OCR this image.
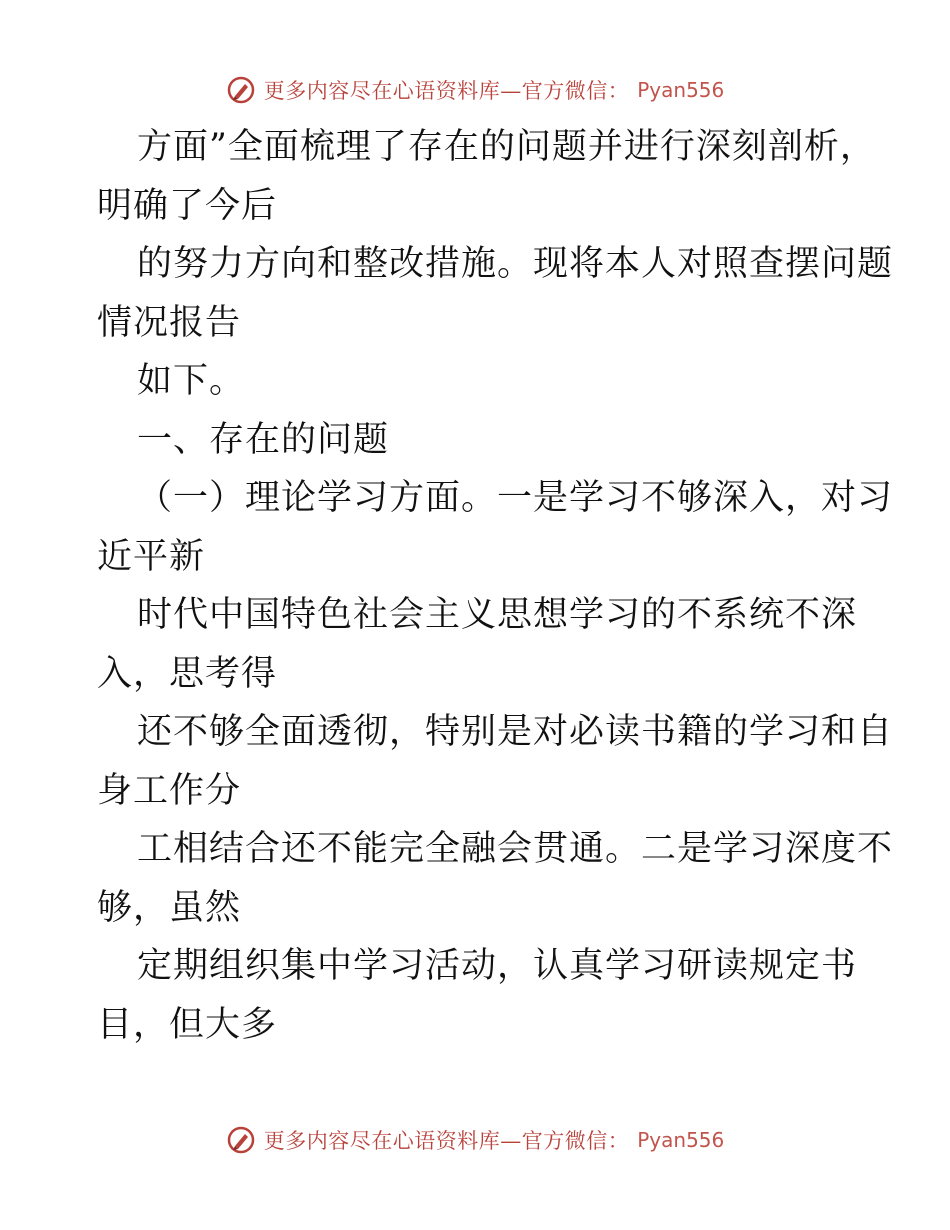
更多内容尽在心语资料库—官方微信： Pyan556
方面”全面梳理了存在的问题并进行深刻剖析，
明确了今后
的努力方向和整改措施。现将本人对照查摆问题
情况报告
如下。
一、存在的问题
（一）理论学习方面。一是学习不够深入，对习
近平新
时代中国特色社会主义思想学习的不系统不深
入，思考得
还不够全面透彻，特别是对必读书籍的学习和自
身工作分
工相结合还不能完全融会贯通。二是学习深度不
够，虽然
定期组织集中学习活动，认真学习研读规定书
目，但大多
更多内容尽在心语资料库—官方微信： Pyan556
